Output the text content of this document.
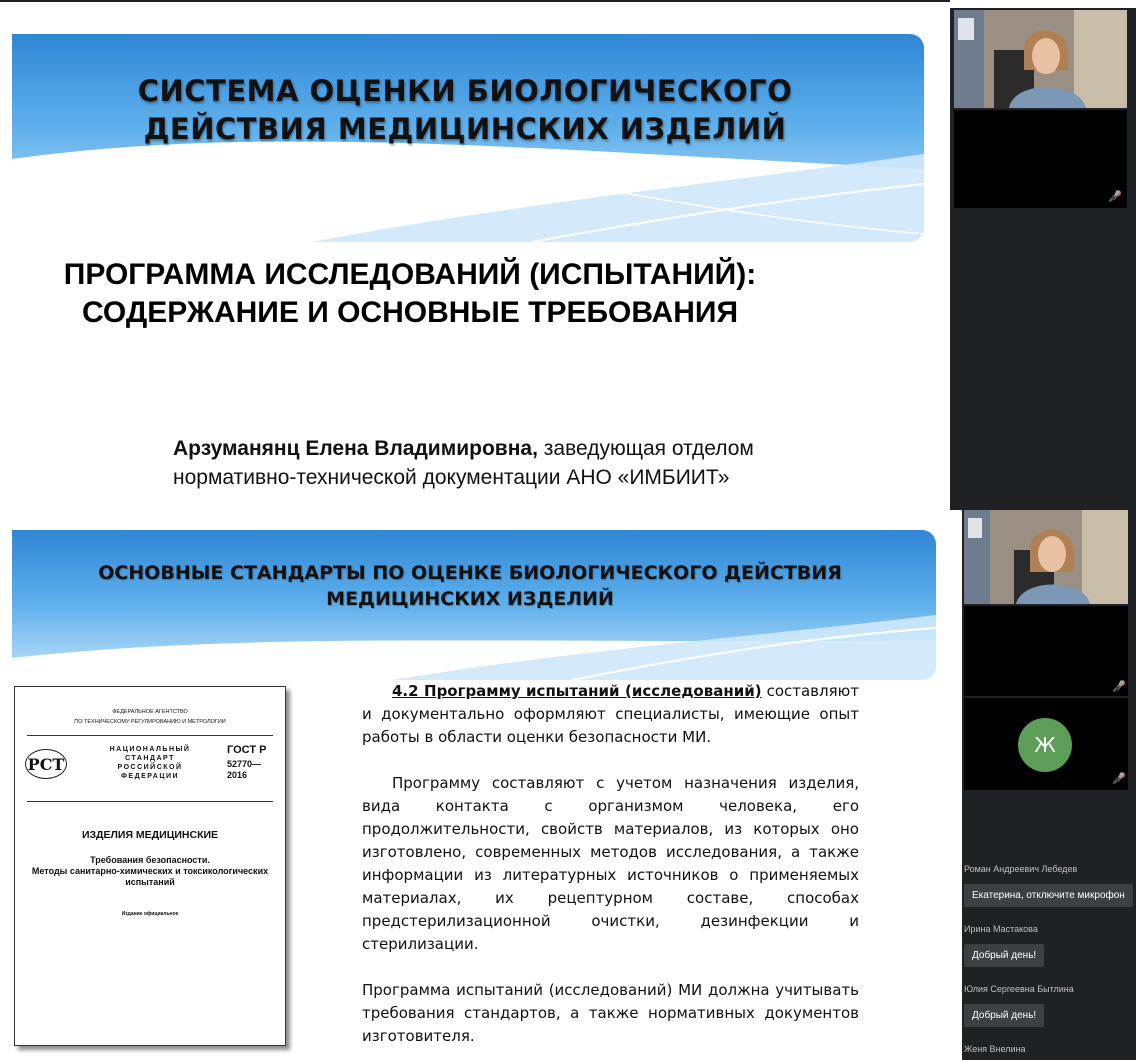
СИСТЕМА ОЦЕНКИ БИОЛОГИЧЕСКОГО
ДЕЙСТВИЯ МЕДИЦИНСКИХ ИЗДЕЛИЙ
ПРОГРАММА ИССЛЕДОВАНИЙ (ИСПЫТАНИЙ):
СОДЕРЖАНИЕ И ОСНОВНЫЕ ТРЕБОВАНИЯ
Арзуманянц Елена Владимировна, заведующая отделом
нормативно-технической документации АНО «ИМБИИТ»
🎤̸
ОСНОВНЫЕ СТАНДАРТЫ ПО ОЦЕНКЕ БИОЛОГИЧЕСКОГО ДЕЙСТВИЯ
МЕДИЦИНСКИХ ИЗДЕЛИЙ
ФЕДЕРАЛЬНОЕ АГЕНТСТВО
ПО ТЕХНИЧЕСКОМУ РЕГУЛИРОВАНИЮ И МЕТРОЛОГИИ
РСТ
НАЦИОНАЛЬНЫЙ
СТАНДАРТ
РОССИЙСКОЙ
ФЕДЕРАЦИИ
ГОСТ Р
52770—
2016
ИЗДЕЛИЯ МЕДИЦИНСКИЕ
Требования безопасности.
Методы санитарно-химических и токсикологических
испытаний
Издание официальное

4.2 Программу испытаний (исследований) составляют и документально оформляют специалисты, имеющие опыт работы в области оценки безопасности МИ.

Программу составляют с учетом назначения изделия, вида контакта с организмом человека, его продолжительности, свойств материалов, из которых оно изготовлено, современных методов исследования, а также информации из литературных источников о применяемых материалах, их рецептурном составе, способах предстерилизационной очистки, дезинфекции и стерилизации.

Программа испытаний (исследований) МИ должна учитывать требования стандартов, а также нормативных документов изготовителя.

🎤̸
Ж
🎤̸
Роман Андреевич Лебедев
Екатерина, отключите микрофон
Ирина Мастакова
Добрый день!
Юлия Сергеевна Бытлина
Добрый день!
Женя Внелина
